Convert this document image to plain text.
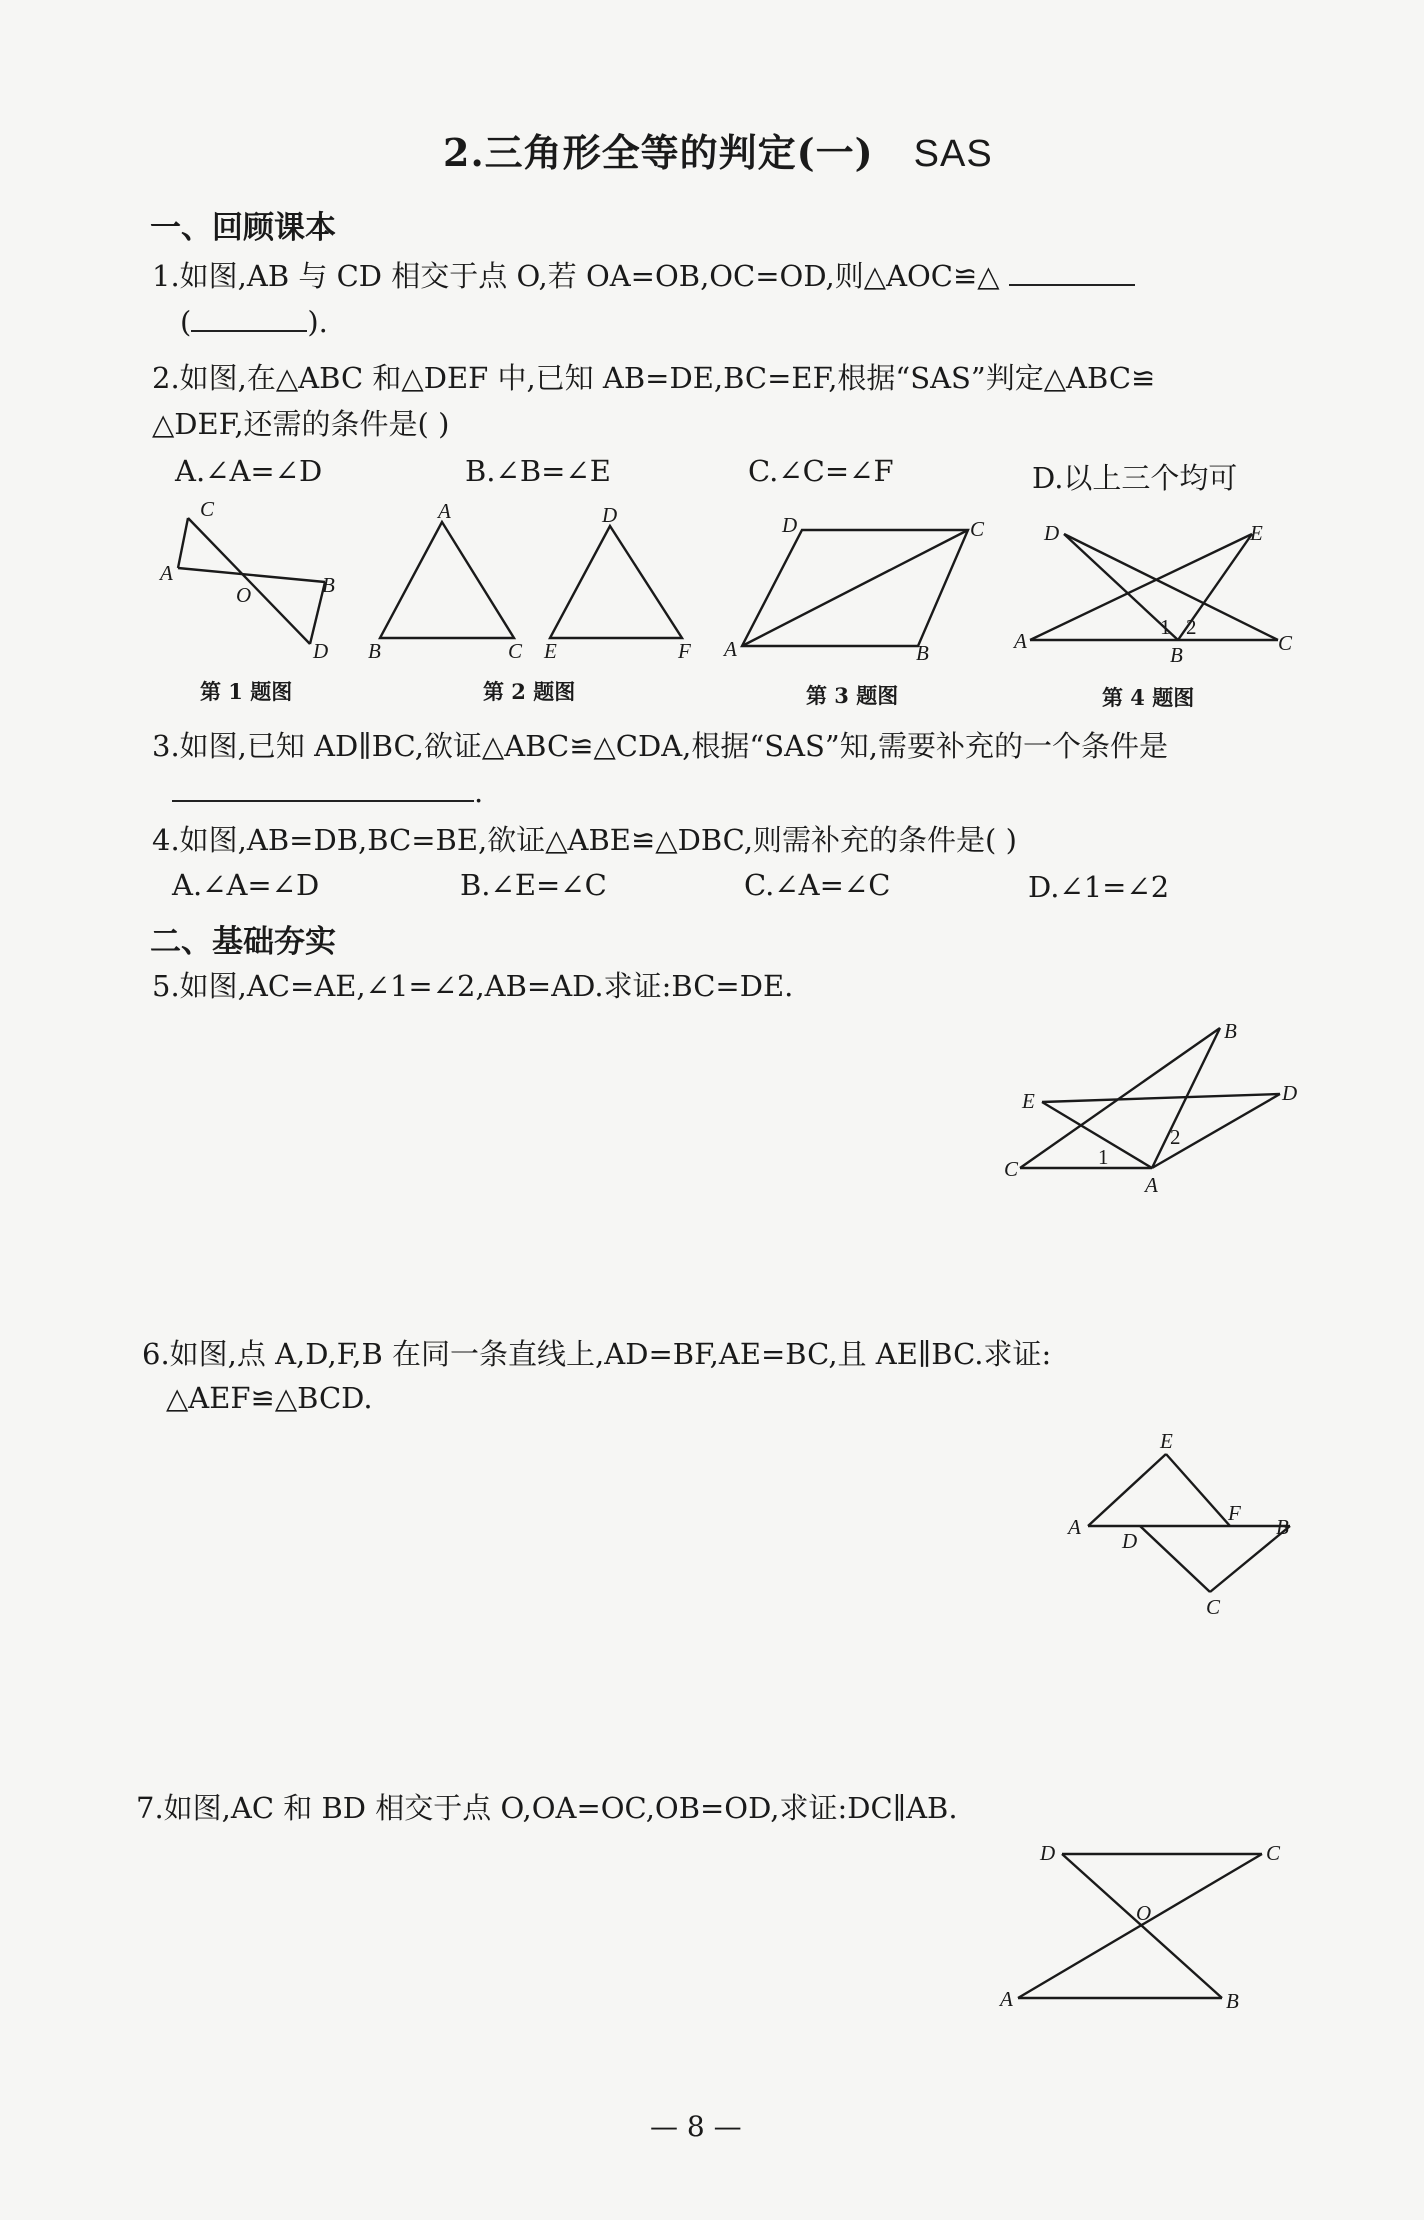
2.三角形全等的判定(一) SAS
一、回顾课本
1.如图,AB 与 CD 相交于点 O,若 OA=OB,OC=OD,则△AOC≌△
(	).
2.如图,在△ABC 和△DEF 中,已知 AB=DE,BC=EF,根据“SAS”判定△ABC≌
△DEF,还需的条件是( )
A.∠A=∠D	B.∠B=∠E	C.∠C=∠F	D.以上三个均可
C
A
O	B
D
A
B	C
D
E	F
D	C
A	B
D	E
A	C
B
1 2
第 1 题图	第 2 题图	第 3 题图	第 4 题图
3.如图,已知 AD∥BC,欲证△ABC≌△CDA,根据“SAS”知,需要补充的一个条件是
.
4.如图,AB=DB,BC=BE,欲证△ABE≌△DBC,则需补充的条件是( )
A.∠A=∠D	B.∠E=∠C	C.∠A=∠C	D.∠1=∠2
二、基础夯实
5.如图,AC=AE,∠1=∠2,AB=AD.求证:BC=DE.
B
E	D
C
A
1
2
6.如图,点 A,D,F,B 在同一条直线上,AD=BF,AE=BC,且 AE∥BC.求证:
△AEF≌△BCD.
E
A
D
F
B
C
7.如图,AC 和 BD 相交于点 O,OA=OC,OB=OD,求证:DC∥AB.
D	C
O
A	B
— 8 —
